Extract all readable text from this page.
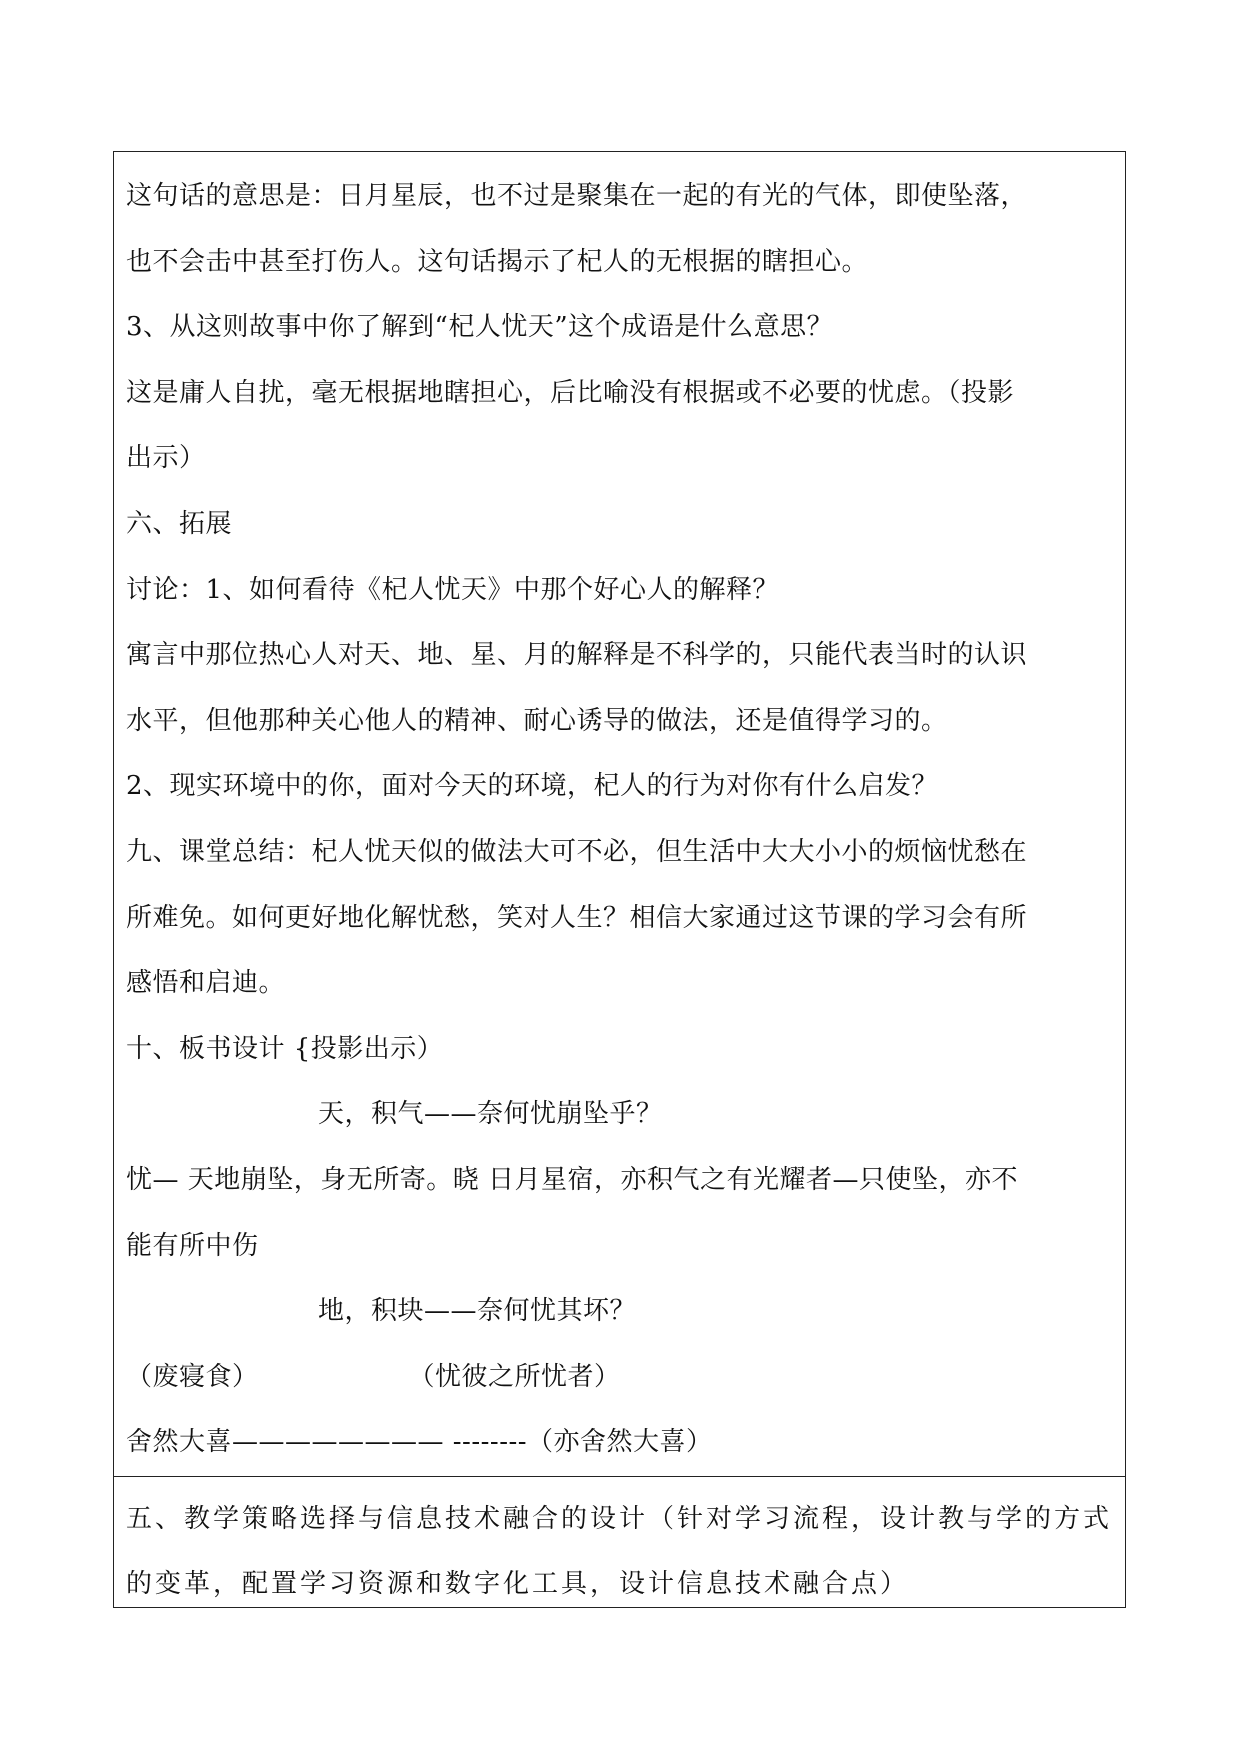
这句话的意思是：日月星辰，也不过是聚集在一起的有光的气体，即使坠落，
也不会击中甚至打伤人。这句话揭示了杞人的无根据的瞎担心。
3、从这则故事中你了解到“杞人忧天”这个成语是什么意思？
这是庸人自扰，毫无根据地瞎担心，后比喻没有根据或不必要的忧虑。（投影
出示）
六、拓展
讨论：1、如何看待《杞人忧天》中那个好心人的解释？
寓言中那位热心人对天、地、星、月的解释是不科学的，只能代表当时的认识
水平，但他那种关心他人的精神、耐心诱导的做法，还是值得学习的。
2、现实环境中的你，面对今天的环境，杞人的行为对你有什么启发？
九、课堂总结：杞人忧天似的做法大可不必，但生活中大大小小的烦恼忧愁在
所难免。如何更好地化解忧愁，笑对人生？相信大家通过这节课的学习会有所
感悟和启迪。
十、板书设计 {投影出示）
天，积气——奈何忧崩坠乎？
忧— 天地崩坠，身无所寄。晓 日月星宿，亦积气之有光耀者—只使坠，亦不
能有所中伤
地，积块——奈何忧其坏？
（废寝食）	（忧彼之所忧者）
舍然大喜———————— --------（亦舍然大喜）
五、教学策略选择与信息技术融合的设计（针对学习流程，设计教与学的方式
的变革，配置学习资源和数字化工具，设计信息技术融合点）
